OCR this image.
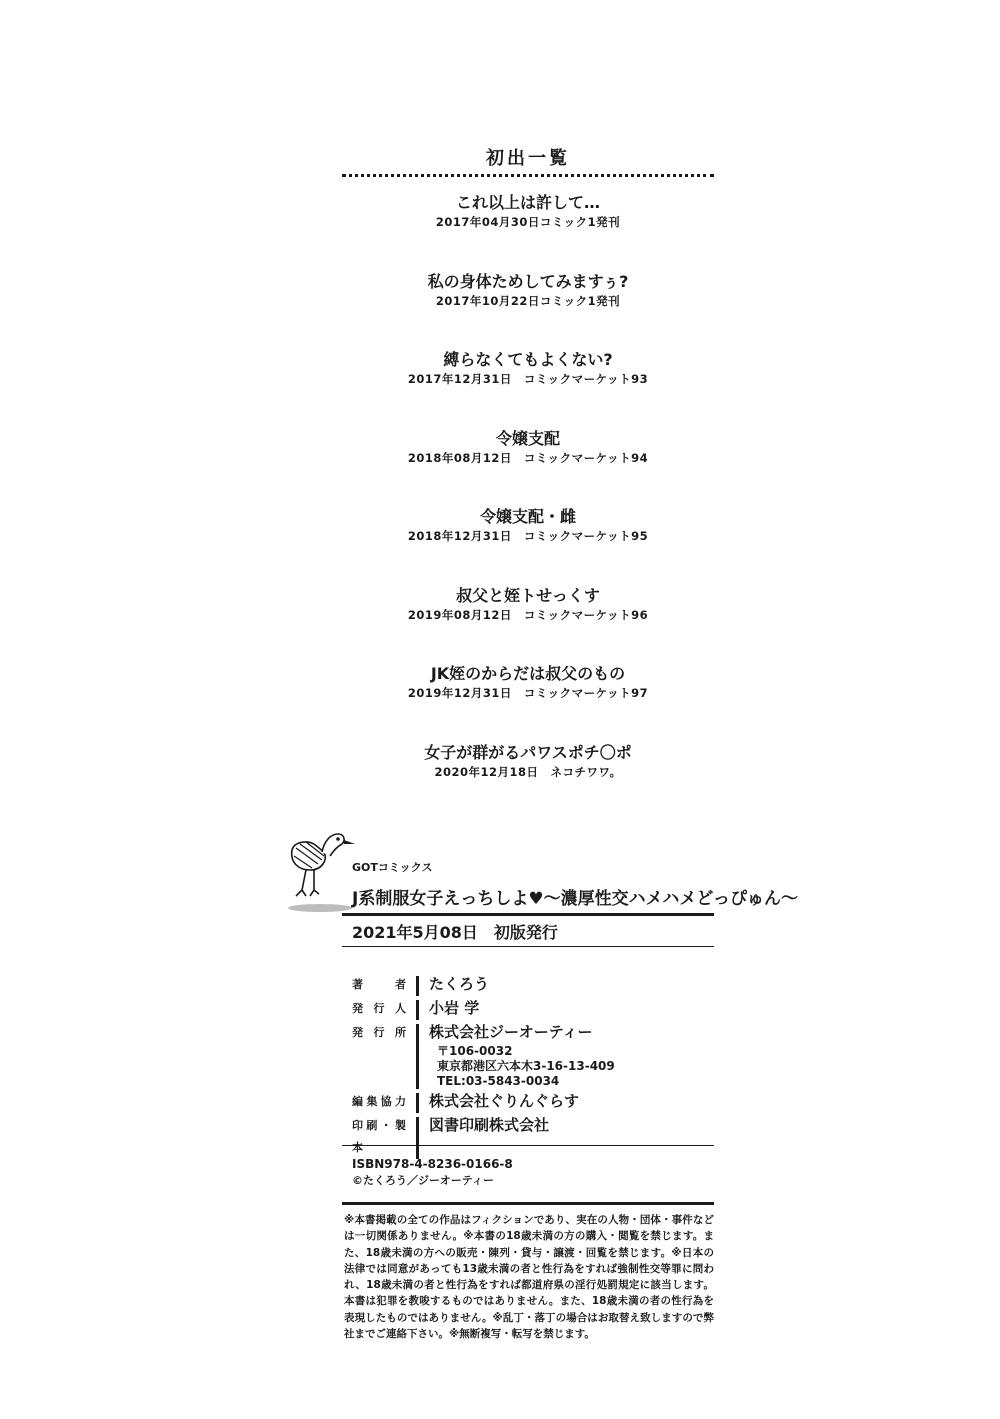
初出一覧
これ以上は許して…
2017年04月30日コミック1発刊
私の身体ためしてみますぅ?
2017年10月22日コミック1発刊
縛らなくてもよくない?
2017年12月31日　コミックマーケット93
令嬢支配
2018年08月12日　コミックマーケット94
令嬢支配・雌
2018年12月31日　コミックマーケット95
叔父と姪トせっくす
2019年08月12日　コミックマーケット96
JK姪のからだは叔父のもの
2019年12月31日　コミックマーケット97
女子が群がるパワスポチ〇ポ
2020年12月18日　ネコチワワ。
GOTコミックス
J系制服女子えっちしよ♥～濃厚性交ハメハメどっぴゅん～
2021年5月08日　初版発行
著者 たくろう
発行人 小岩 学
発行所 株式会社ジーオーティー
〒106-0032
東京都港区六本木3-16-13-409
TEL:03-5843-0034
編集協力 株式会社ぐりんぐらす
印刷・製本
図書印刷株式会社
ISBN978-4-8236-0166-8
©たくろう／ジーオーティー
※本書掲載の全ての作品はフィクションであり、実在の人物・団体・事件などは一切関係ありません。※本書の18歳未満の方の購入・閲覧を禁じます。また、18歳未満の方への販売・陳列・貸与・譲渡・回覧を禁じます。※日本の法律では同意があっても13歳未満の者と性行為をすれば強制性交等罪に問われ、18歳未満の者と性行為をすれば都道府県の淫行処罰規定に該当します。本書は犯罪を教唆するものではありません。また、18歳未満の者の性行為を表現したものではありません。※乱丁・落丁の場合はお取替え致しますので弊社までご連絡下さい。※無断複写・転写を禁じます。
